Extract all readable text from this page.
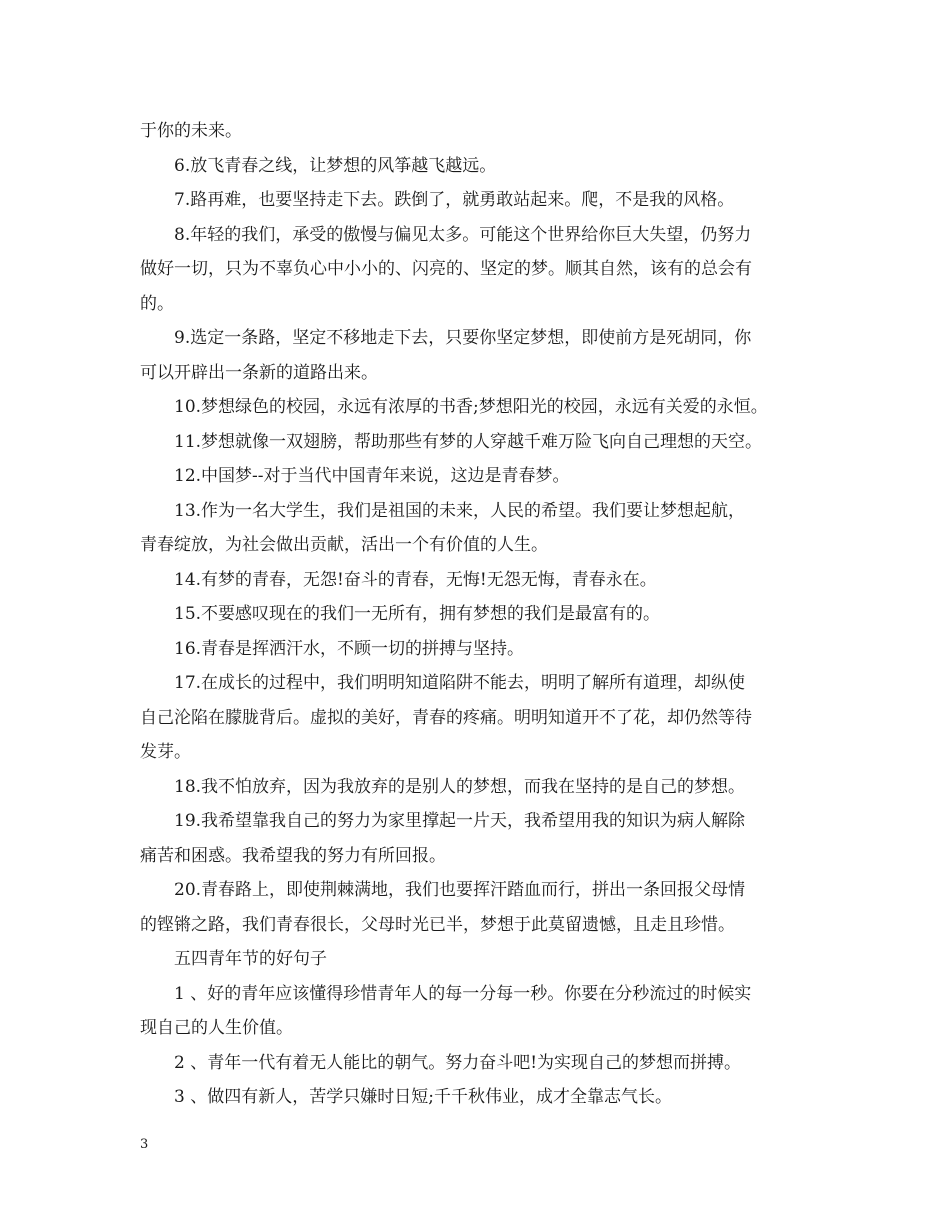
于你的未来。

6.放飞青春之线，让梦想的风筝越飞越远。

7.路再难，也要坚持走下去。跌倒了，就勇敢站起来。爬，不是我的风格。

8.年轻的我们，承受的傲慢与偏见太多。可能这个世界给你巨大失望，仍努力

做好一切，只为不辜负心中小小的、闪亮的、坚定的梦。顺其自然，该有的总会有

的。

9.选定一条路，坚定不移地走下去，只要你坚定梦想，即使前方是死胡同，你

可以开辟出一条新的道路出来。

10.梦想绿色的校园，永远有浓厚的书香;梦想阳光的校园，永远有关爱的永恒。

11.梦想就像一双翅膀，帮助那些有梦的人穿越千难万险飞向自己理想的天空。

12.中国梦--对于当代中国青年来说，这边是青春梦。

13.作为一名大学生，我们是祖国的未来，人民的希望。我们要让梦想起航，

青春绽放，为社会做出贡献，活出一个有价值的人生。

14.有梦的青春，无怨!奋斗的青春，无悔!无怨无悔，青春永在。

15.不要感叹现在的我们一无所有，拥有梦想的我们是最富有的。

16.青春是挥洒汗水，不顾一切的拼搏与坚持。

17.在成长的过程中，我们明明知道陷阱不能去，明明了解所有道理，却纵使

自己沦陷在朦胧背后。虚拟的美好，青春的疼痛。明明知道开不了花，却仍然等待

发芽。

18.我不怕放弃，因为我放弃的是别人的梦想，而我在坚持的是自己的梦想。

19.我希望靠我自己的努力为家里撑起一片天，我希望用我的知识为病人解除

痛苦和困惑。我希望我的努力有所回报。

20.青春路上，即使荆棘满地，我们也要挥汗踏血而行，拼出一条回报父母情

的铿锵之路，我们青春很长，父母时光已半，梦想于此莫留遗憾，且走且珍惜。

五四青年节的好句子

1 、好的青年应该懂得珍惜青年人的每一分每一秒。你要在分秒流过的时候实

现自己的人生价值。

2 、青年一代有着无人能比的朝气。努力奋斗吧!为实现自己的梦想而拼搏。

3 、做四有新人，苦学只嫌时日短;千千秋伟业，成才全靠志气长。

3
